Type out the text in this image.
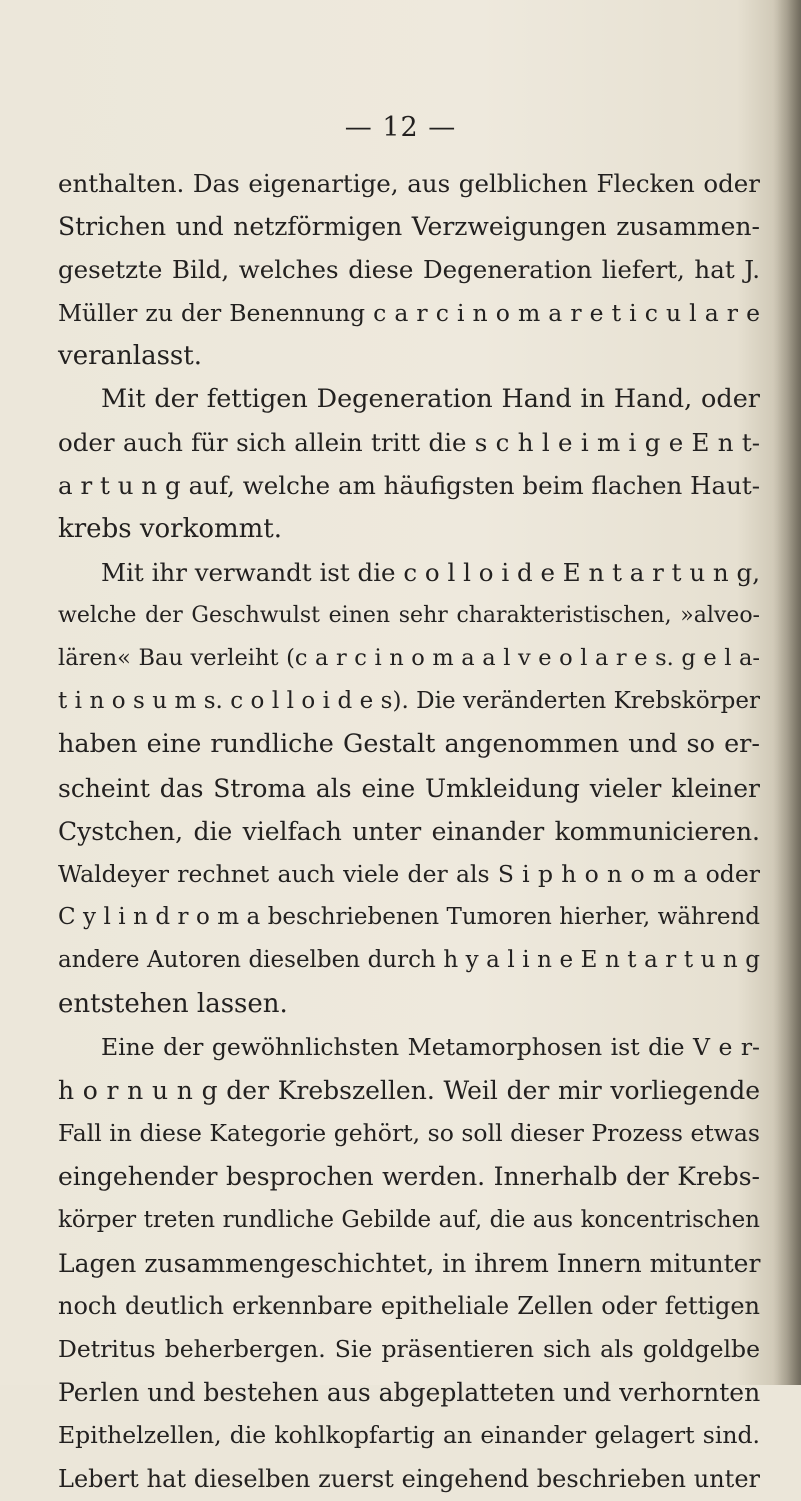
— 12 —
enthalten. Das eigenartige, aus gelblichen Flecken oder
Strichen und netzförmigen Verzweigungen zusammen-
gesetzte Bild, welches diese Degeneration liefert, hat J.
Müller zu der Benennung c a r c i n o m a r e t i c u l a r e
veranlasst.
Mit der fettigen Degeneration Hand in Hand, oder
oder auch für sich allein tritt die s c h l e i m i g e E n t-
a r t u n g auf, welche am häufigsten beim flachen Haut-
krebs vorkommt.
Mit ihr verwandt ist die c o l l o i d e E n t a r t u n g,
welche der Geschwulst einen sehr charakteristischen, »alveo-
lären« Bau verleiht (c a r c i n o m a a l v e o l a r e s. g e l a-
t i n o s u m s. c o l l o i d e s). Die veränderten Krebskörper
haben eine rundliche Gestalt angenommen und so er-
scheint das Stroma als eine Umkleidung vieler kleiner
Cystchen, die vielfach unter einander kommunicieren.
Waldeyer rechnet auch viele der als S i p h o n o m a oder
C y l i n d r o m a beschriebenen Tumoren hierher, während
andere Autoren dieselben durch h y a l i n e E n t a r t u n g
entstehen lassen.
Eine der gewöhnlichsten Metamorphosen ist die V e r-
h o r n u n g der Krebszellen. Weil der mir vorliegende
Fall in diese Kategorie gehört, so soll dieser Prozess etwas
eingehender besprochen werden. Innerhalb der Krebs-
körper treten rundliche Gebilde auf, die aus koncentrischen
Lagen zusammengeschichtet, in ihrem Innern mitunter
noch deutlich erkennbare epitheliale Zellen oder fettigen
Detritus beherbergen. Sie präsentieren sich als goldgelbe
Perlen und bestehen aus abgeplatteten und verhornten
Epithelzellen, die kohlkopfartig an einander gelagert sind.
Lebert hat dieselben zuerst eingehend beschrieben unter
